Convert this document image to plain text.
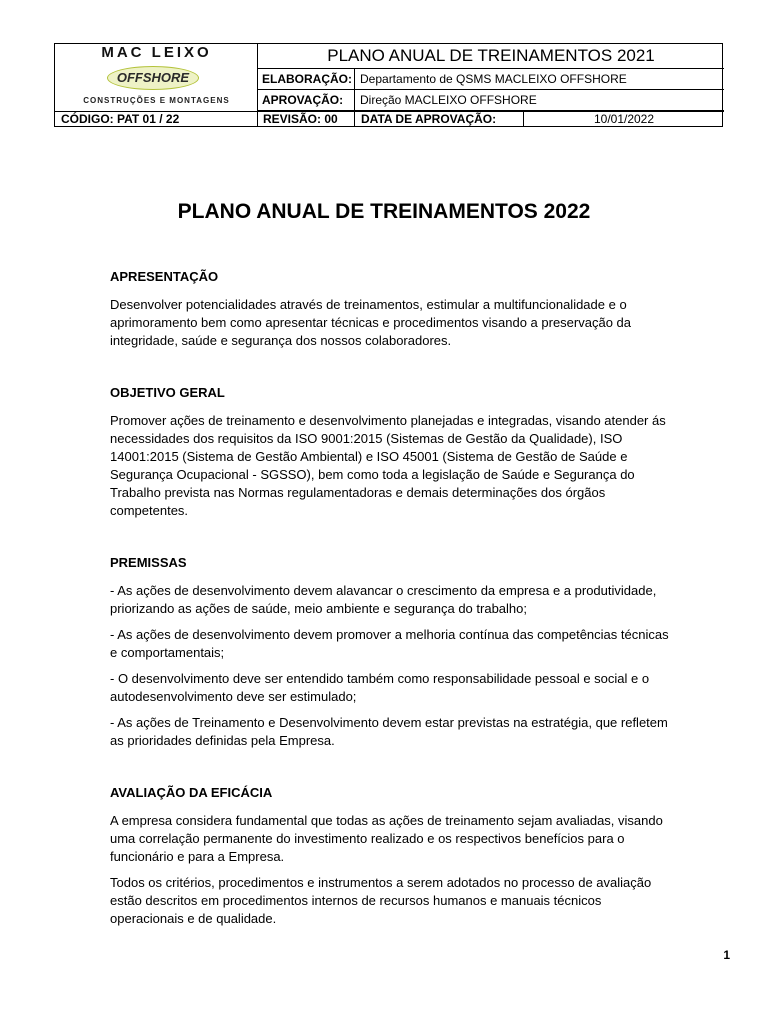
MAC LEIXO
OFFSHORE
CONSTRUÇÕES E MONTAGENS
PLANO ANUAL DE TREINAMENTOS 2021
ELABORAÇÃO: Departamento de QSMS MACLEIXO OFFSHORE
APROVAÇÃO:	Direção MACLEIXO OFFSHORE
CÓDIGO: PAT 01 / 22	REVISÃO: 00	DATA DE APROVAÇÃO:	10/01/2022
PLANO ANUAL DE TREINAMENTOS 2022
APRESENTAÇÃO

Desenvolver potencialidades através de treinamentos, estimular a multifuncionalidade e o aprimoramento bem como apresentar técnicas e procedimentos visando a preservação da integridade, saúde e segurança dos nossos colaboradores.

OBJETIVO GERAL

Promover ações de treinamento e desenvolvimento planejadas e integradas, visando atender ás necessidades dos requisitos da ISO 9001:2015 (Sistemas de Gestão da Qualidade), ISO 14001:2015 (Sistema de Gestão Ambiental) e ISO 45001 (Sistema de Gestão de Saúde e Segurança Ocupacional - SGSSO), bem como toda a legislação de Saúde e Segurança do Trabalho prevista nas Normas regulamentadoras e demais determinações dos órgãos competentes.

PREMISSAS

- As ações de desenvolvimento devem alavancar o crescimento da empresa e a produtividade, priorizando as ações de saúde, meio ambiente e segurança do trabalho;

- As ações de desenvolvimento devem promover a melhoria contínua das competências técnicas e comportamentais;

- O desenvolvimento deve ser entendido também como responsabilidade pessoal e social e o autodesenvolvimento deve ser estimulado;

- As ações de Treinamento e Desenvolvimento devem estar previstas na estratégia, que refletem as prioridades definidas pela Empresa.

AVALIAÇÃO DA EFICÁCIA

A empresa considera fundamental que todas as ações de treinamento sejam avaliadas, visando uma correlação permanente do investimento realizado e os respectivos benefícios para o funcionário e para a Empresa.

Todos os critérios, procedimentos e instrumentos a serem adotados no processo de avaliação estão descritos em procedimentos internos de recursos humanos e manuais técnicos operacionais e de qualidade.

1
